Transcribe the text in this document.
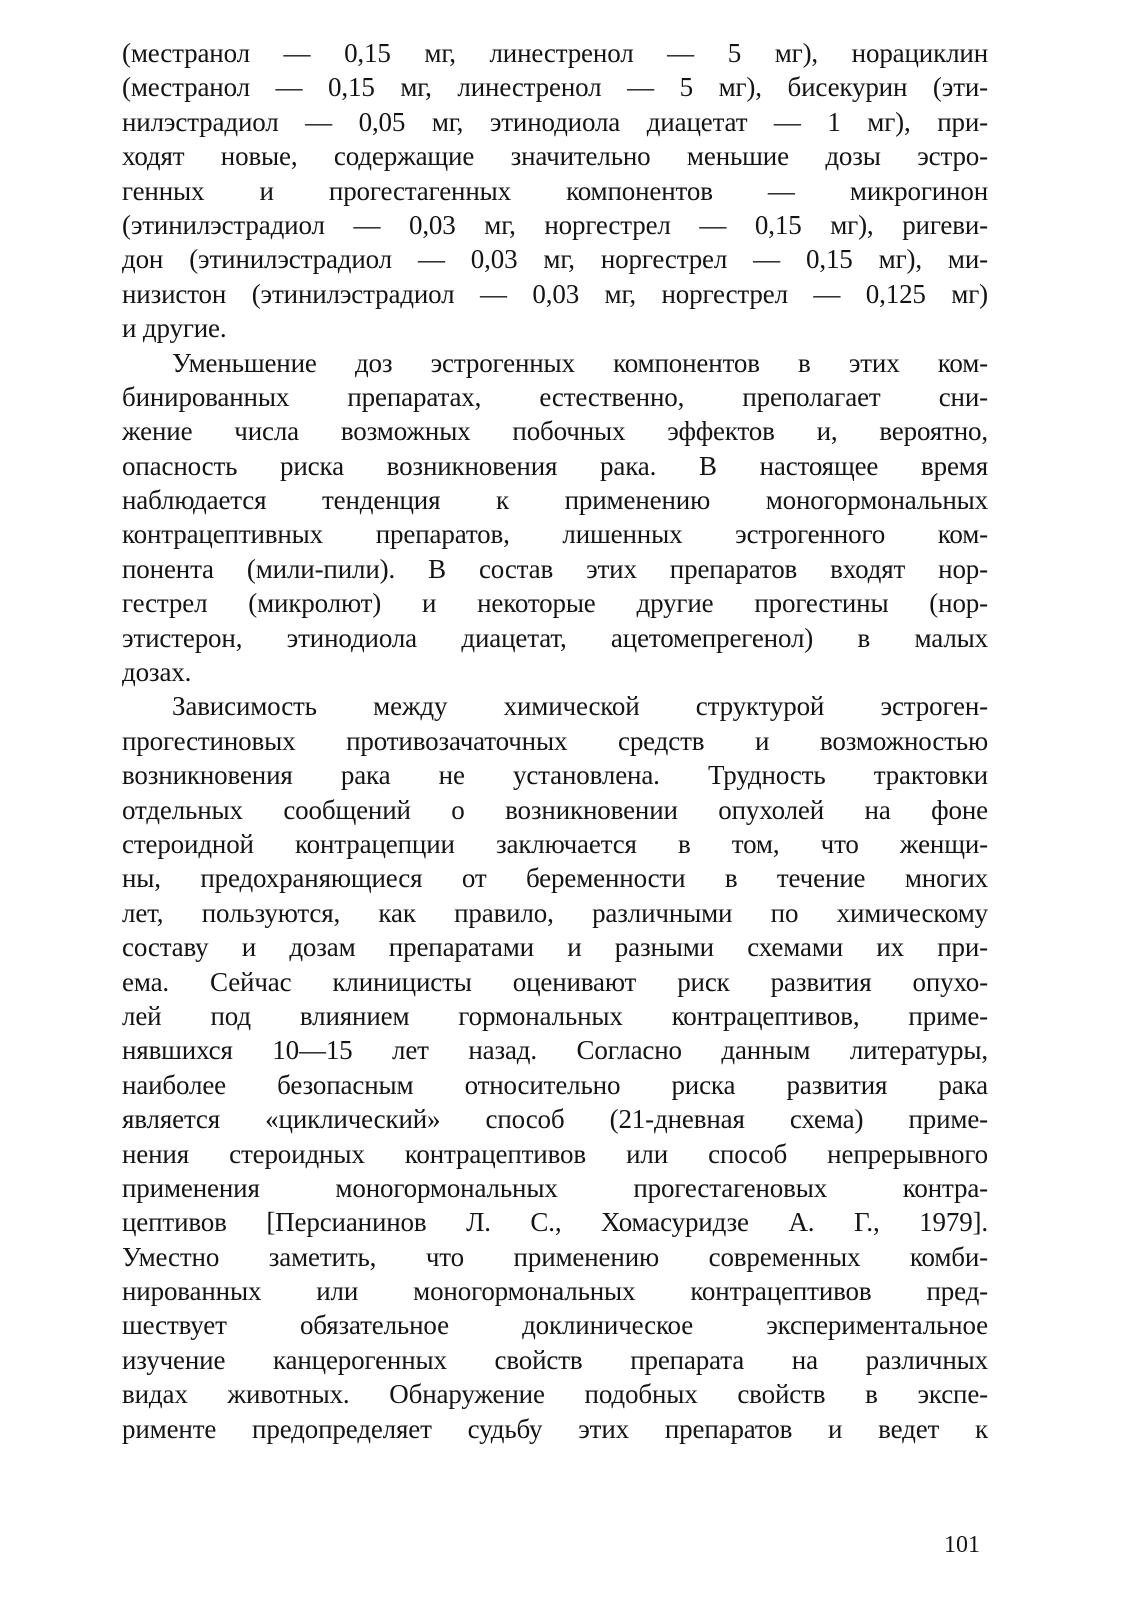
(местранол — 0,15 мг, линестренол — 5 мг), норациклин
(местранол — 0,15 мг, линестренол — 5 мг), бисекурин (эти-
нилэстрадиол — 0,05 мг, этинодиола диацетат — 1 мг), при-
ходят новые, содержащие значительно меньшие дозы эстро-
генных и прогестагенных компонентов — микрогинон
(этинилэстрадиол — 0,03 мг, норгестрел — 0,15 мг), ригеви-
дон (этинилэстрадиол — 0,03 мг, норгестрел — 0,15 мг), ми-
низистон (этинилэстрадиол — 0,03 мг, норгестрел — 0,125 мг)
и другие.
Уменьшение доз эстрогенных компонентов в этих ком-
бинированных препаратах, естественно, преполагает сни-
жение числа возможных побочных эффектов и, вероятно,
опасность риска возникновения рака. В настоящее время
наблюдается тенденция к применению моногормональных
контрацептивных препаратов, лишенных эстрогенного ком-
понента (мили-пили). В состав этих препаратов входят нор-
гестрел (микролют) и некоторые другие прогестины (нор-
этистерон, этинодиола диацетат, ацетомепрегенол) в малых
дозах.
Зависимость между химической структурой эстроген-
прогестиновых противозачаточных средств и возможностью
возникновения рака не установлена. Трудность трактовки
отдельных сообщений о возникновении опухолей на фоне
стероидной контрацепции заключается в том, что женщи-
ны, предохраняющиеся от беременности в течение многих
лет, пользуются, как правило, различными по химическому
составу и дозам препаратами и разными схемами их при-
ема. Сейчас клиницисты оценивают риск развития опухо-
лей под влиянием гормональных контрацептивов, приме-
нявшихся 10—15 лет назад. Согласно данным литературы,
наиболее безопасным относительно риска развития рака
является «циклический» способ (21-дневная схема) приме-
нения стероидных контрацептивов или способ непрерывного
применения моногормональных прогестагеновых контра-
цептивов [Персианинов Л. С., Хомасуридзе А. Г., 1979].
Уместно заметить, что применению современных комби-
нированных или моногормональных контрацептивов пред-
шествует обязательное доклиническое экспериментальное
изучение канцерогенных свойств препарата на различных
видах животных. Обнаружение подобных свойств в экспе-
рименте предопределяет судьбу этих препаратов и ведет к
101
